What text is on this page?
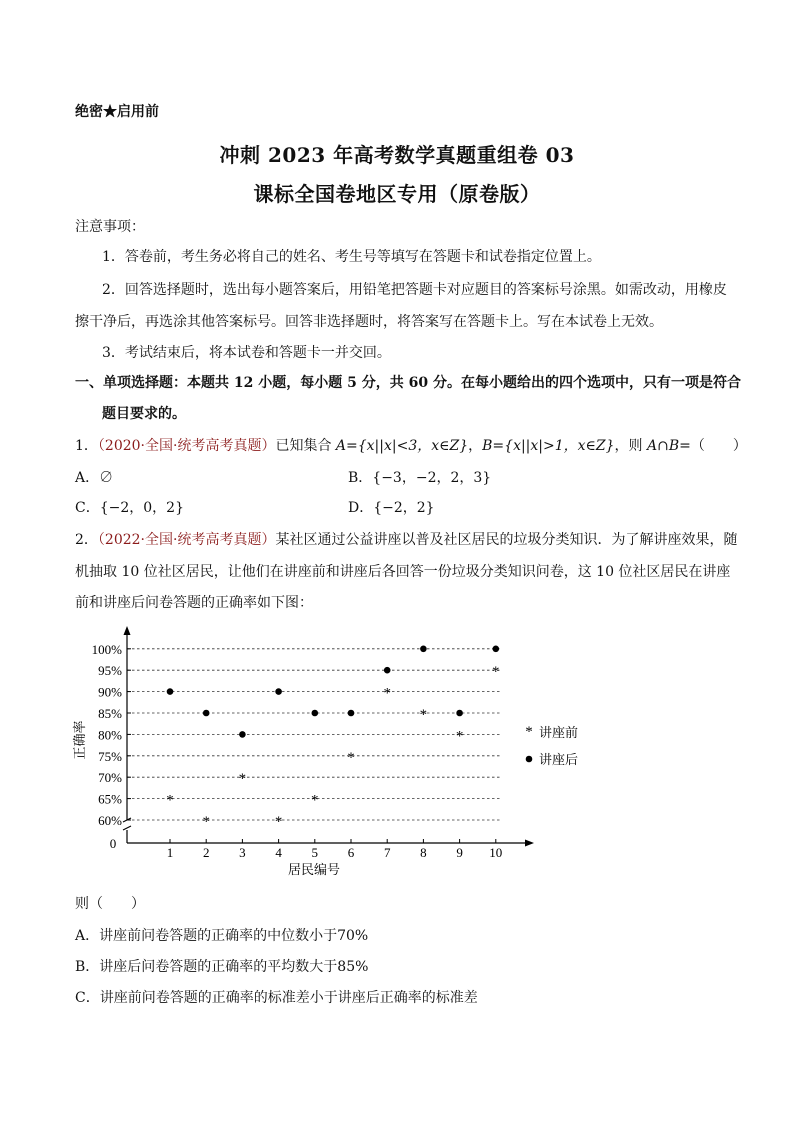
绝密★启用前
冲刺 2023 年高考数学真题重组卷 03
课标全国卷地区专用（原卷版）
注意事项：
1．答卷前，考生务必将自己的姓名、考生号等填写在答题卡和试卷指定位置上。
2．回答选择题时，选出每小题答案后，用铅笔把答题卡对应题目的答案标号涂黑。如需改动，用橡皮
擦干净后，再选涂其他答案标号。回答非选择题时，将答案写在答题卡上。写在本试卷上无效。
3．考试结束后，将本试卷和答题卡一并交回。
一、单项选择题：本题共 12 小题，每小题 5 分，共 60 分。在每小题给出的四个选项中，只有一项是符合
题目要求的。
1．（2020·全国·统考高考真题）已知集合 A={x||x|<3，x∈Z}，B={x||x|>1，x∈Z}，则 A∩B=（　　）
A．∅	B．{−3，−2，2，3}
C．{−2，0，2}	D．{−2，2}
2．（2022·全国·统考高考真题）某社区通过公益讲座以普及社区居民的垃圾分类知识．为了解讲座效果，随
机抽取 10 位社区居民，让他们在讲座前和讲座后各回答一份垃圾分类知识问卷，这 10 位社区居民在讲座
前和讲座后问卷答题的正确率如下图：
60%
65%
70%
75%
80%
85%
90%
95%
100%
1 2 3 4 5 6 7 8 9 10
*
*
*
*
*
*
*
*
*
*
正确率
居民编号
0
* 讲座前
讲座后
则（　　）
A．讲座前问卷答题的正确率的中位数小于70%
B．讲座后问卷答题的正确率的平均数大于85%
C．讲座前问卷答题的正确率的标准差小于讲座后正确率的标准差
